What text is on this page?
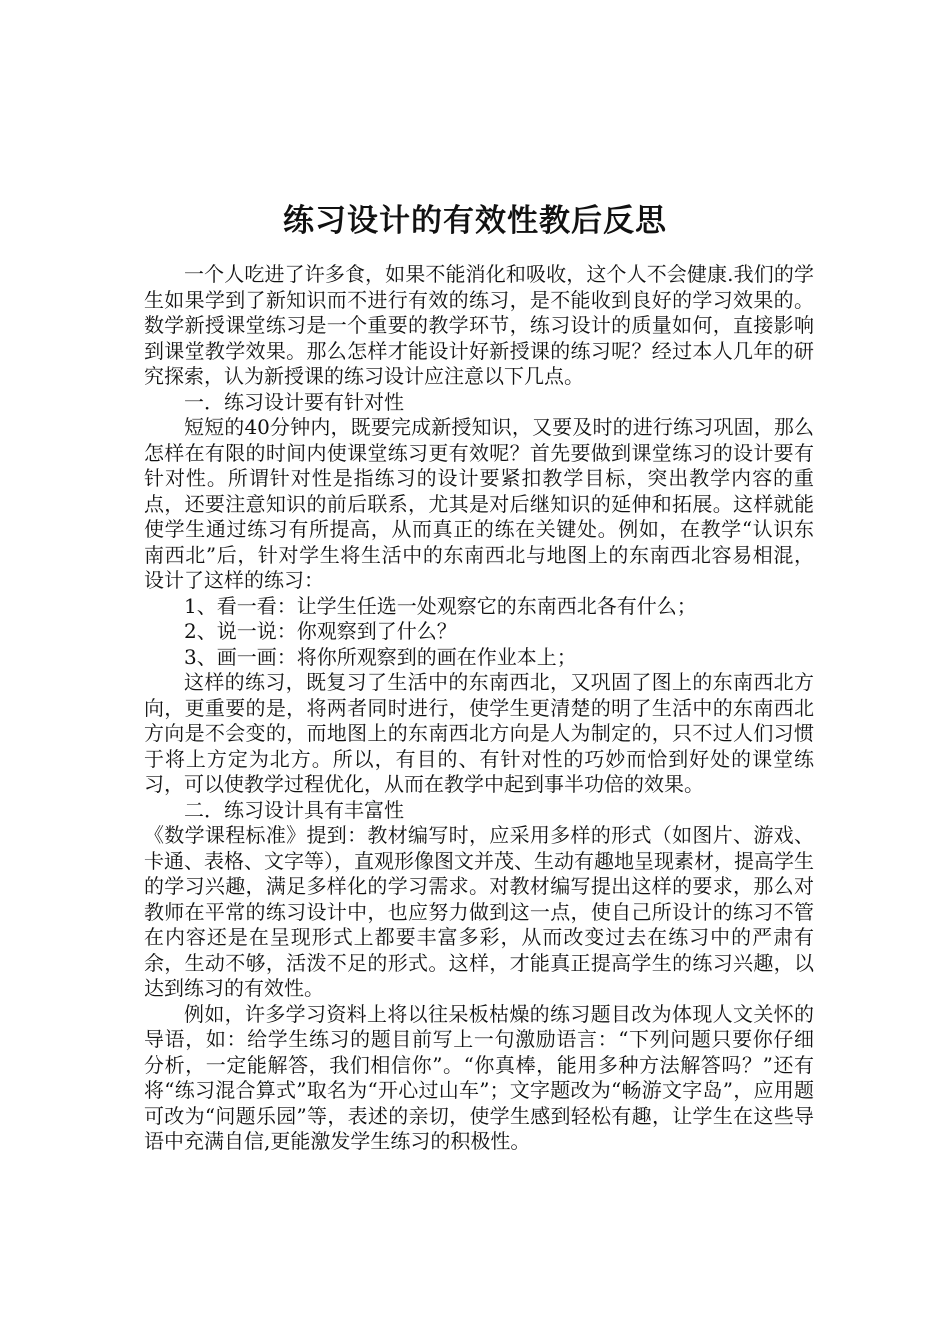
练习设计的有效性教后反思

一个人吃进了许多食，如果不能消化和吸收，这个人不会健康.我们的学生如果学到了新知识而不进行有效的练习，是不能收到良好的学习效果的。数学新授课堂练习是一个重要的教学环节，练习设计的质量如何，直接影响到课堂教学效果。那么怎样才能设计好新授课的练习呢？经过本人几年的研究探索，认为新授课的练习设计应注意以下几点。

一．练习设计要有针对性

短短的40分钟内，既要完成新授知识，又要及时的进行练习巩固，那么怎样在有限的时间内使课堂练习更有效呢？首先要做到课堂练习的设计要有针对性。所谓针对性是指练习的设计要紧扣教学目标，突出教学内容的重点，还要注意知识的前后联系，尤其是对后继知识的延伸和拓展。这样就能使学生通过练习有所提高，从而真正的练在关键处。例如，在教学“认识东南西北”后，针对学生将生活中的东南西北与地图上的东南西北容易相混，设计了这样的练习：

1、看一看：让学生任选一处观察它的东南西北各有什么；

2、说一说：你观察到了什么？

3、画一画：将你所观察到的画在作业本上；

这样的练习，既复习了生活中的东南西北，又巩固了图上的东南西北方向，更重要的是，将两者同时进行，使学生更清楚的明了生活中的东南西北方向是不会变的，而地图上的东南西北方向是人为制定的，只不过人们习惯于将上方定为北方。所以，有目的、有针对性的巧妙而恰到好处的课堂练习，可以使教学过程优化，从而在教学中起到事半功倍的效果。

二．练习设计具有丰富性

《数学课程标准》提到：教材编写时，应采用多样的形式（如图片、游戏、卡通、表格、文字等），直观形像图文并茂、生动有趣地呈现素材，提高学生的学习兴趣，满足多样化的学习需求。对教材编写提出这样的要求，那么对教师在平常的练习设计中，也应努力做到这一点，使自己所设计的练习不管在内容还是在呈现形式上都要丰富多彩，从而改变过去在练习中的严肃有余，生动不够，活泼不足的形式。这样，才能真正提高学生的练习兴趣，以达到练习的有效性。

例如，许多学习资料上将以往呆板枯燥的练习题目改为体现人文关怀的导语，如：给学生练习的题目前写上一句激励语言：“下列问题只要你仔细分析，一定能解答，我们相信你”。“你真棒，能用多种方法解答吗？”还有将“练习混合算式”取名为“开心过山车”；文字题改为“畅游文字岛”，应用题可改为“问题乐园”等，表述的亲切，使学生感到轻松有趣，让学生在这些导语中充满自信,更能激发学生练习的积极性。
